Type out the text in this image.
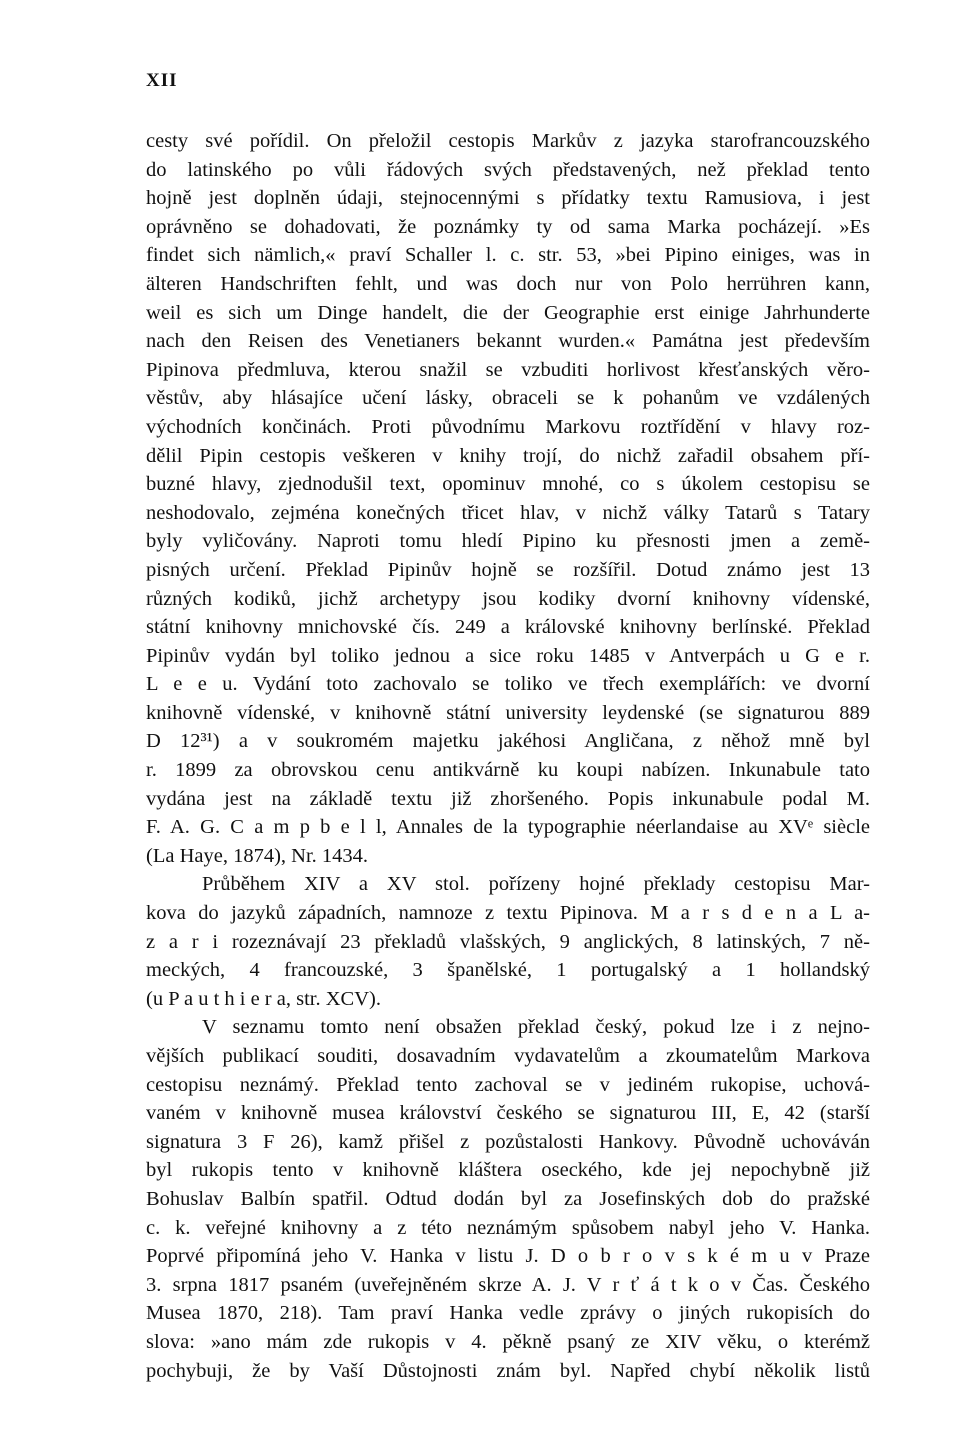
XII
cesty své pořídil. On přeložil cestopis Markův z jazyka starofrancouzského
do latinského po vůli řádových svých představených, než překlad tento
hojně jest doplněn údaji, stejnocennými s přídatky textu Ramusiova, i jest
oprávněno se dohadovati, že poznámky ty od sama Marka pocházejí. »Es
findet sich nämlich,« praví Schaller l. c. str. 53, »bei Pipino einiges, was in
älteren Handschriften fehlt, und was doch nur von Polo herrühren kann,
weil es sich um Dinge handelt, die der Geographie erst einige Jahrhunderte
nach den Reisen des Venetianers bekannt wurden.« Památna jest především
Pipinova předmluva, kterou snažil se vzbuditi horlivost křesťanských věro-
věstův, aby hlásajíce učení lásky, obraceli se k pohanům ve vzdálených
východních končinách. Proti původnímu Markovu roztřídění v hlavy roz-
dělil Pipin cestopis veškeren v knihy trojí, do nichž zařadil obsahem pří-
buzné hlavy, zjednodušil text, opominuv mnohé, co s úkolem cestopisu se
neshodovalo, zejména konečných třicet hlav, v nichž války Tatarů s Tatary
byly vyličovány. Naproti tomu hledí Pipino ku přesnosti jmen a země-
pisných určení. Překlad Pipinův hojně se rozšířil. Dotud známo jest 13
různých kodiků, jichž archetypy jsou kodiky dvorní knihovny vídenské,
státní knihovny mnichovské čís. 249 a královské knihovny berlínské. Překlad
Pipinův vydán byl toliko jednou a sice roku 1485 v Antverpách u G e r.
L e e u. Vydání toto zachovalo se toliko ve třech exemplářích: ve dvorní
knihovně vídenské, v knihovně státní university leydenské (se signaturou 889
D 12³¹) a v soukromém majetku jakéhosi Angličana, z něhož mně byl
r. 1899 za obrovskou cenu antikvárně ku koupi nabízen. Inkunabule tato
vydána jest na základě textu již zhoršeného. Popis inkunabule podal M.
F. A. G. C a m p b e l l, Annales de la typographie néerlandaise au XVᵉ siècle
(La Haye, 1874), Nr. 1434.
Průběhem XIV a XV stol. pořízeny hojné překlady cestopisu Mar-
kova do jazyků západních, namnoze z textu Pipinova. M a r s d e n a L a-
z a r i rozeznávají 23 překladů vlašských, 9 anglických, 8 latinských, 7 ně-
meckých, 4 francouzské, 3 španělské, 1 portugalský a 1 hollandský
(u P a u t h i e r a, str. XCV).
V seznamu tomto není obsažen překlad český, pokud lze i z nejno-
vějších publikací souditi, dosavadním vydavatelům a zkoumatelům Markova
cestopisu neznámý. Překlad tento zachoval se v jediném rukopise, uchová-
vaném v knihovně musea království českého se signaturou III, E, 42 (starší
signatura 3 F 26), kamž přišel z pozůstalosti Hankovy. Původně uchováván
byl rukopis tento v knihovně kláštera oseckého, kde jej nepochybně již
Bohuslav Balbín spatřil. Odtud dodán byl za Josefinských dob do pražské
c. k. veřejné knihovny a z této neznámým spůsobem nabyl jeho V. Hanka.
Poprvé připomíná jeho V. Hanka v listu J. D o b r o v s k é m u v Praze
3. srpna 1817 psaném (uveřejněném skrze A. J. V r ť á t k o v Čas. Českého
Musea 1870, 218). Tam praví Hanka vedle zprávy o jiných rukopisích do
slova: »ano mám zde rukopis v 4. pěkně psaný ze XIV věku, o kterémž
pochybuji, že by Vaší Důstojnosti znám byl. Napřed chybí několik listů
